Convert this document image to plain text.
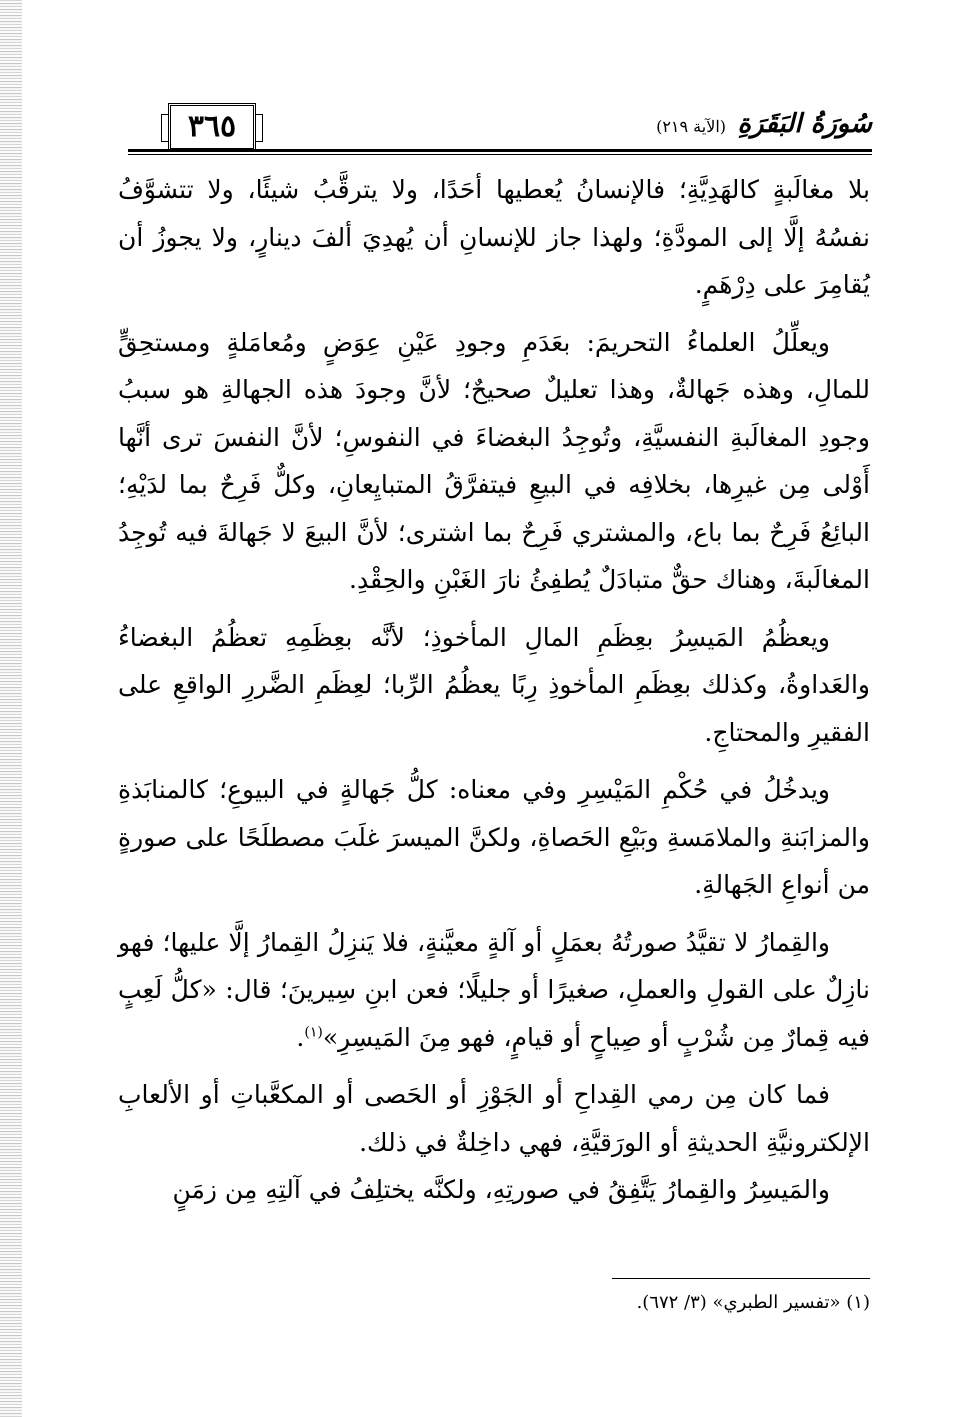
٣٦٥	سُورَةُ البَقَرَةِ (الآية ٢١٩)

بلا مغالَبةٍ كالهَدِيَّةِ؛ فالإنسانُ يُعطيها أحَدًا، ولا يترقَّبُ شيئًا، ولا تتشوَّفُ نفسُهُ إلَّا إلى المودَّةِ؛ ولهذا جاز للإنسانِ أن يُهدِيَ ألفَ دينارٍ، ولا يجوزُ أن يُقامِرَ على دِرْهَمٍ.

ويعلِّلُ العلماءُ التحريمَ: بعَدَمِ وجودِ عَيْنِ عِوَضٍ ومُعامَلةٍ ومستحِقٍّ للمالِ، وهذه جَهالةٌ، وهذا تعليلٌ صحيحٌ؛ لأنَّ وجودَ هذه الجهالةِ هو سببُ وجودِ المغالَبةِ النفسيَّةِ، وتُوجِدُ البغضاءَ في النفوسِ؛ لأنَّ النفسَ ترى أنَّها أَوْلى مِن غيرِها، بخلافِه في البيعِ فيتفرَّقُ المتبايِعانِ، وكلٌّ فَرِحٌ بما لدَيْهِ؛ البائِعُ فَرِحٌ بما باع، والمشتري فَرِحٌ بما اشترى؛ لأنَّ البيعَ لا جَهالةَ فيه تُوجِدُ المغالَبةَ، وهناك حقٌّ متبادَلٌ يُطفِئُ نارَ الغَبْنِ والحِقْدِ.

ويعظُمُ المَيسِرُ بعِظَمِ المالِ المأخوذِ؛ لأنَّه بعِظَمِهِ تعظُمُ البغضاءُ والعَداوةُ، وكذلك بعِظَمِ المأخوذِ رِبًا يعظُمُ الرِّبا؛ لعِظَمِ الضَّررِ الواقعِ على الفقيرِ والمحتاجِ.

ويدخُلُ في حُكْمِ المَيْسِرِ وفي معناه: كلُّ جَهالةٍ في البيوعِ؛ كالمنابَذةِ والمزابَنةِ والملامَسةِ وبَيْعِ الحَصاةِ، ولكنَّ الميسرَ غلَبَ مصطلَحًا على صورةٍ من أنواعِ الجَهالةِ.

والقِمارُ لا تقيَّدُ صورتُهُ بعمَلٍ أو آلةٍ معيَّنةٍ، فلا يَنزِلُ القِمارُ إلَّا عليها؛ فهو نازِلٌ على القولِ والعملِ، صغيرًا أو جليلًا؛ فعن ابنِ سِيرينَ؛ قال: «كلُّ لَعِبٍ فيه قِمارٌ مِن شُرْبٍ أو صِياحٍ أو قيامٍ، فهو مِنَ المَيسِرِ»$^{(١)}$.

فما كان مِن رمي القِداحِ أو الجَوْزِ أو الحَصى أو المكعَّباتِ أو الألعابِ الإلكترونيَّةِ الحديثةِ أو الورَقيَّةِ، فهي داخِلةٌ في ذلك.

والمَيسِرُ والقِمارُ يَتَّفِقُ في صورتِهِ، ولكنَّه يختلِفُ في آلتِهِ مِن زمَنٍ

(١) «تفسير الطبري» (٣/ ٦٧٢).
